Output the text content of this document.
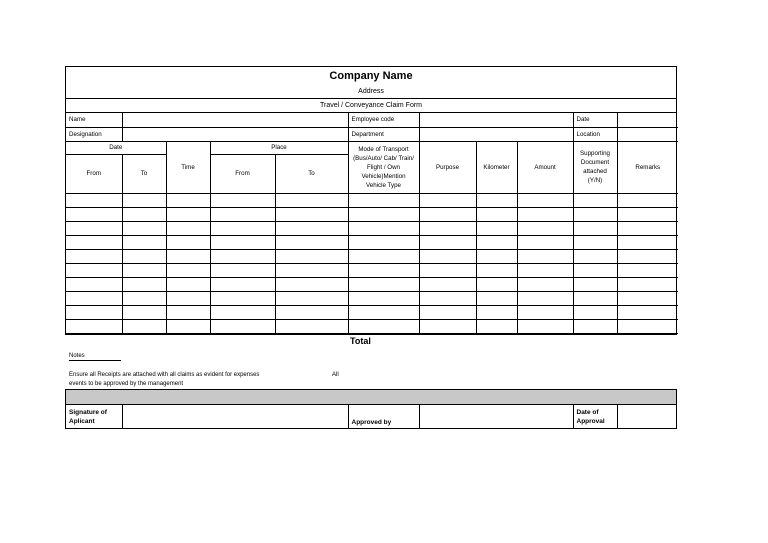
Company Name
Address
Travel / Conveyance Claim Form
Name					Employee code				Date	
Designation					Department				Location	
Date		Time	Place		Mode of Transport (Bus/Auto/ Cab/ Train/ Flight / Own Vehicle)Mention Vehicle Type	Purpose	Kilometer	Amount	Supporting Document attached (Y/N)	Remarks
From	To		From	To						

Total
Notes
Ensure all Receipts are attached with all claims as evident for expenses	All
events to be approved by the management
Signature of Aplicant		Approved by		Date of Approval	
